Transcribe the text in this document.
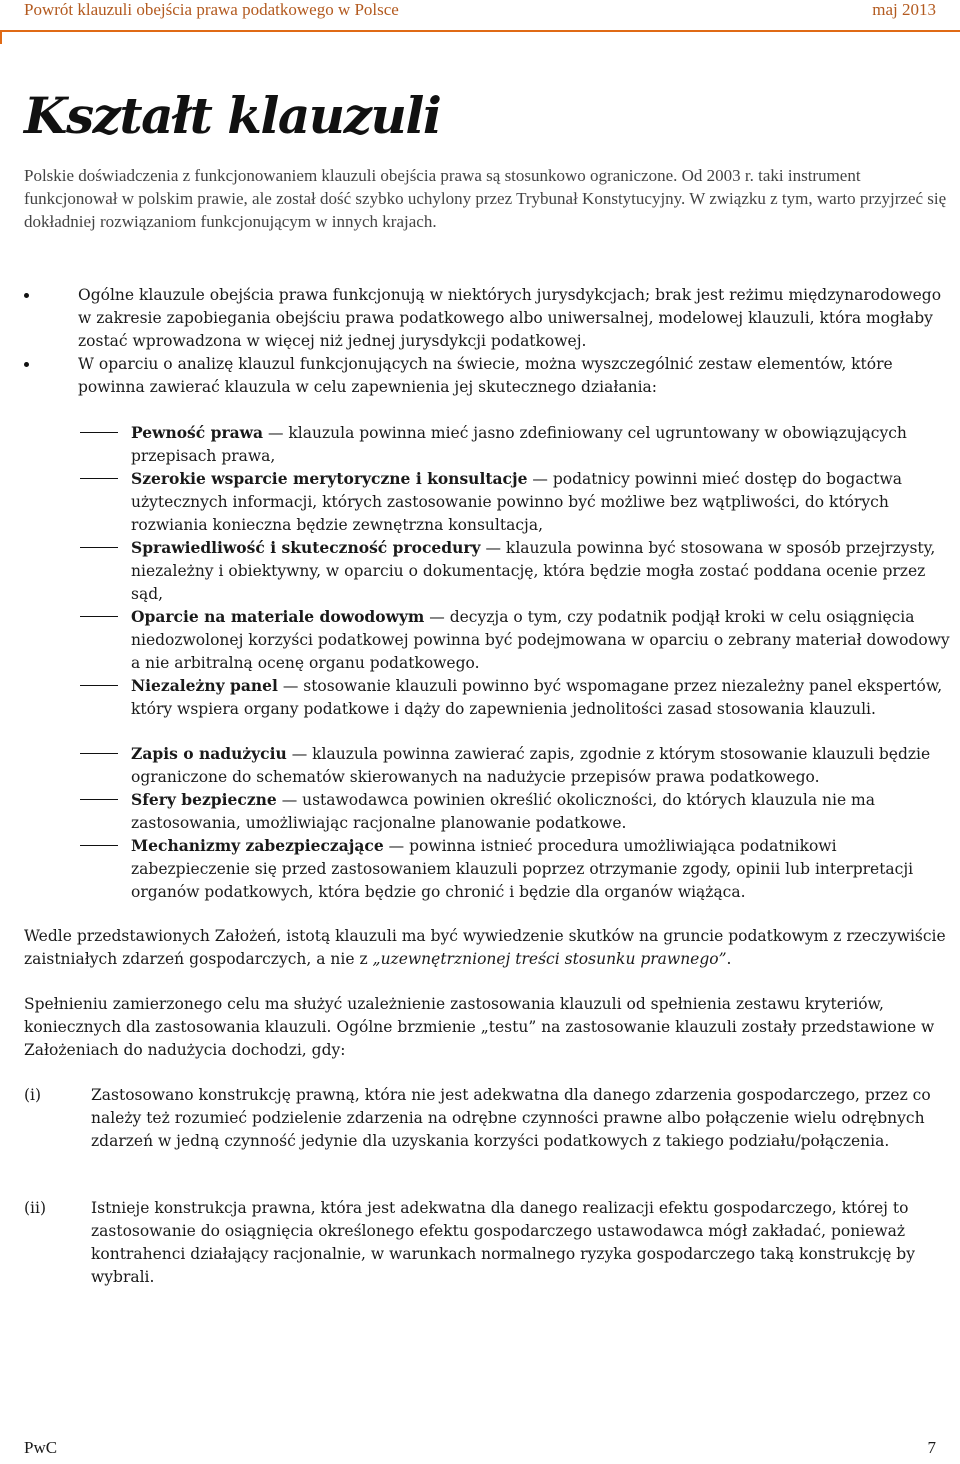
Powrót klauzuli obejścia prawa podatkowego w Polsce	maj 2013
Kształt klauzuli

Polskie doświadczenia z funkcjonowaniem klauzuli obejścia prawa są stosunkowo ograniczone. Od 2003 r. taki instrument funkcjonował w polskim prawie, ale został dość szybko uchylony przez Trybunał Konstytucyjny. W związku z tym, warto przyjrzeć się dokładniej rozwiązaniom funkcjonującym w innych krajach.

Ogólne klauzule obejścia prawa funkcjonują w niektórych jurysdykcjach; brak jest reżimu międzynarodowego w zakresie zapobiegania obejściu prawa podatkowego albo uniwersalnej, modelowej klauzuli, która mogłaby zostać wprowadzona w więcej niż jednej jurysdykcji podatkowej.

W oparciu o analizę klauzul funkcjonujących na świecie, można wyszczególnić zestaw elementów, które powinna zawierać klauzula w celu zapewnienia jej skutecznego działania:

Pewność prawa — klauzula powinna mieć jasno zdefiniowany cel ugruntowany w obowiązujących przepisach prawa,

Szerokie wsparcie merytoryczne i konsultacje — podatnicy powinni mieć dostęp do bogactwa użytecznych informacji, których zastosowanie powinno być możliwe bez wątpliwości, do których rozwiania konieczna będzie zewnętrzna konsultacja,

Sprawiedliwość i skuteczność procedury — klauzula powinna być stosowana w sposób przejrzysty, niezależny i obiektywny, w oparciu o dokumentację, która będzie mogła zostać poddana ocenie przez sąd,

Oparcie na materiale dowodowym — decyzja o tym, czy podatnik podjął kroki w celu osiągnięcia niedozwolonej korzyści podatkowej powinna być podejmowana w oparciu o zebrany materiał dowodowy a nie arbitralną ocenę organu podatkowego.

Niezależny panel — stosowanie klauzuli powinno być wspomagane przez niezależny panel ekspertów, który wspiera organy podatkowe i dąży do zapewnienia jednolitości zasad stosowania klauzuli.

Zapis o nadużyciu — klauzula powinna zawierać zapis, zgodnie z którym stosowanie klauzuli będzie ograniczone do schematów skierowanych na nadużycie przepisów prawa podatkowego.

Sfery bezpieczne — ustawodawca powinien określić okoliczności, do których klauzula nie ma zastosowania, umożliwiając racjonalne planowanie podatkowe.

Mechanizmy zabezpieczające — powinna istnieć procedura umożliwiająca podatnikowi zabezpieczenie się przed zastosowaniem klauzuli poprzez otrzymanie zgody, opinii lub interpretacji organów podatkowych, która będzie go chronić i będzie dla organów wiążąca.

Wedle przedstawionych Założeń, istotą klauzuli ma być wywiedzenie skutków na gruncie podatkowym z rzeczywiście zaistniałych zdarzeń gospodarczych, a nie z „uzewnętrznionej treści stosunku prawnego”.

Spełnieniu zamierzonego celu ma służyć uzależnienie zastosowania klauzuli od spełnienia zestawu kryteriów, koniecznych dla zastosowania klauzuli. Ogólne brzmienie „testu” na zastosowanie klauzuli zostały przedstawione w Założeniach do nadużycia dochodzi, gdy:

(i)	Zastosowano konstrukcję prawną, która nie jest adekwatna dla danego zdarzenia gospodarczego, przez co należy też rozumieć podzielenie zdarzenia na odrębne czynności prawne albo połączenie wielu odrębnych zdarzeń w jedną czynność jedynie dla uzyskania korzyści podatkowych z takiego podziału/połączenia.

(ii)	Istnieje konstrukcja prawna, która jest adekwatna dla danego realizacji efektu gospodarczego, której to zastosowanie do osiągnięcia określonego efektu gospodarczego ustawodawca mógł zakładać, ponieważ kontrahenci działający racjonalnie, w warunkach normalnego ryzyka gospodarczego taką konstrukcję by wybrali.

PwC	7
